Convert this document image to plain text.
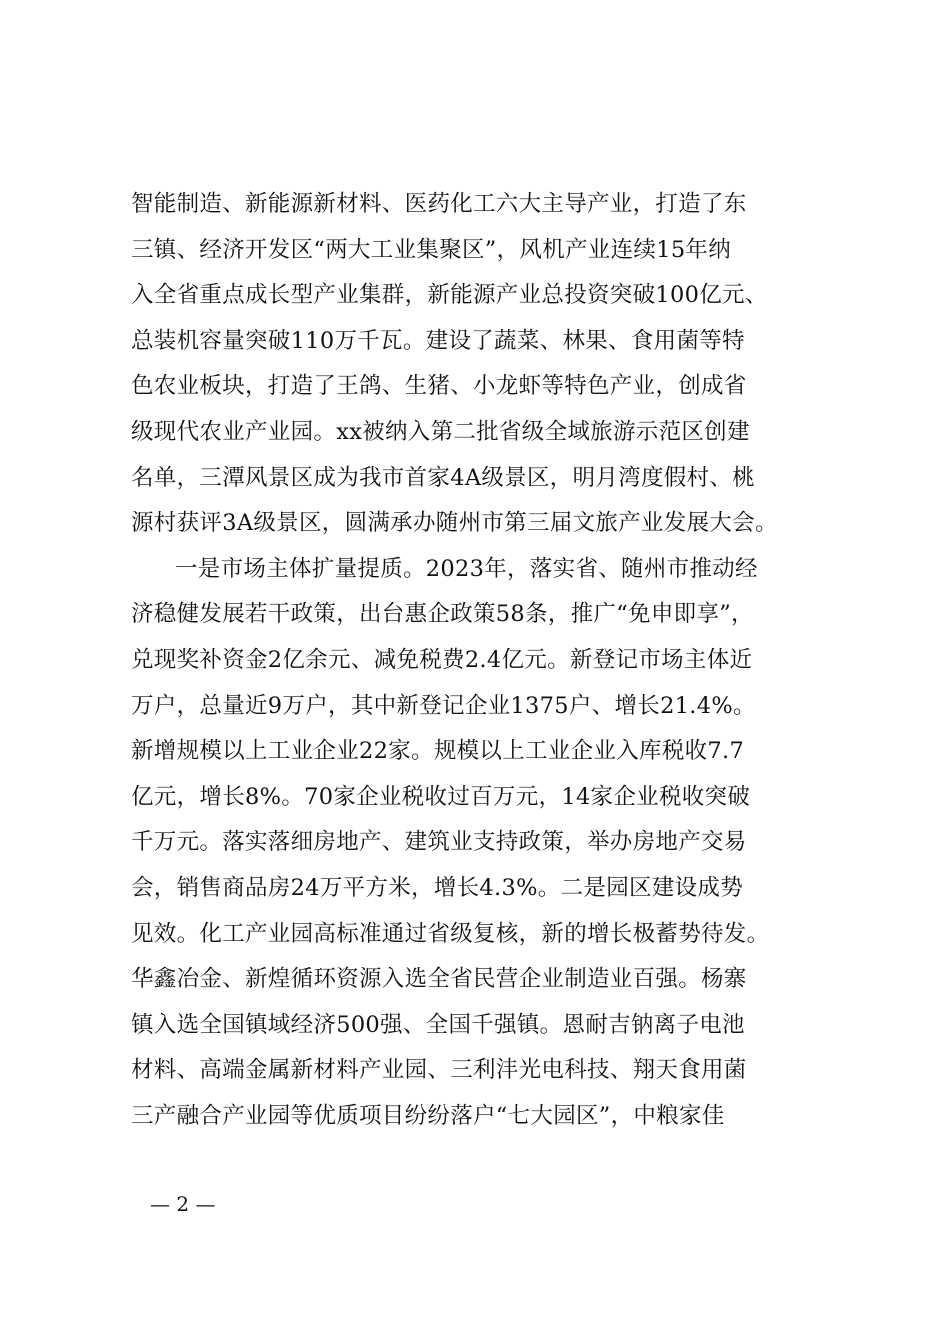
智能制造、新能源新材料、医药化工六大主导产业，打造了东
三镇、经济开发区“两大工业集聚区”，风机产业连续15年纳
入全省重点成长型产业集群，新能源产业总投资突破100亿元、
总装机容量突破110万千瓦。建设了蔬菜、林果、食用菌等特
色农业板块，打造了王鸽、生猪、小龙虾等特色产业，创成省
级现代农业产业园。xx被纳入第二批省级全域旅游示范区创建
名单，三潭风景区成为我市首家4A级景区，明月湾度假村、桃
源村获评3A级景区，圆满承办随州市第三届文旅产业发展大会。
一是市场主体扩量提质。2023年，落实省、随州市推动经
济稳健发展若干政策，出台惠企政策58条，推广“免申即享”，
兑现奖补资金2亿余元、减免税费2.4亿元。新登记市场主体近
万户，总量近9万户，其中新登记企业1375户、增长21.4%。
新增规模以上工业企业22家。规模以上工业企业入库税收7.7
亿元，增长8%。70家企业税收过百万元，14家企业税收突破
千万元。落实落细房地产、建筑业支持政策，举办房地产交易
会，销售商品房24万平方米，增长4.3%。二是园区建设成势
见效。化工产业园高标准通过省级复核，新的增长极蓄势待发。
华鑫冶金、新煌循环资源入选全省民营企业制造业百强。杨寨
镇入选全国镇域经济500强、全国千强镇。恩耐吉钠离子电池
材料、高端金属新材料产业园、三利沣光电科技、翔天食用菌
三产融合产业园等优质项目纷纷落户“七大园区”，中粮家佳
— 2 —
